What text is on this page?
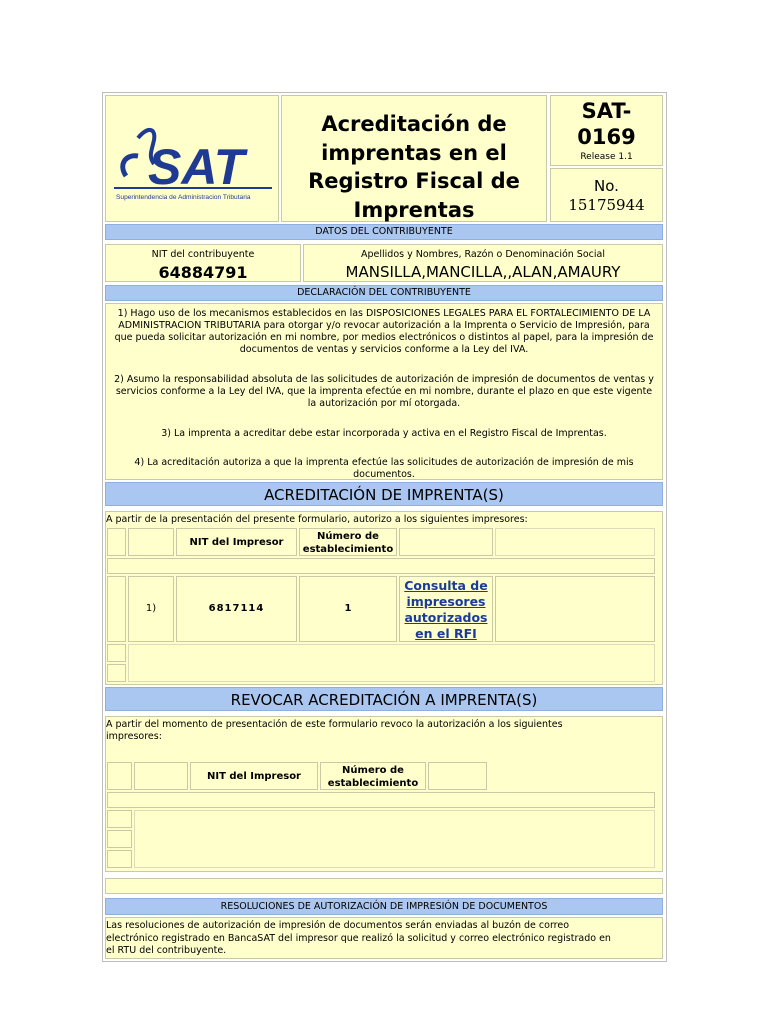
SAT
Superintendencia de Administracion Tributaria
Acreditación de
imprentas en el
Registro Fiscal de
Imprentas
SAT-
0169
Release 1.1
No.
15175944
DATOS DEL CONTRIBUYENTE
NIT del contribuyente
64884791
Apellidos y Nombres, Razón o Denominación Social
MANSILLA,MANCILLA,,ALAN,AMAURY
DECLARACIÓN DEL CONTRIBUYENTE
1) Hago uso de los mecanismos establecidos en las DISPOSICIONES LEGALES PARA EL FORTALECIMIENTO DE LA
ADMINISTRACION TRIBUTARIA para otorgar y/o revocar autorización a la Imprenta o Servicio de Impresión, para
que pueda solicitar autorización en mi nombre, por medios electrónicos o distintos al papel, para la impresión de
documentos de ventas y servicios conforme a la Ley del IVA.
2) Asumo la responsabilidad absoluta de las solicitudes de autorización de impresión de documentos de ventas y
servicios conforme a la Ley del IVA, que la imprenta efectúe en mi nombre, durante el plazo en que este vigente
la autorización por mí otorgada.
3) La imprenta a acreditar debe estar incorporada y activa en el Registro Fiscal de Imprentas.
4) La acreditación autoriza a que la imprenta efectúe las solicitudes de autorización de impresión de mis
documentos.
ACREDITACIÓN DE IMPRENTA(S)
A partir de la presentación del presente formulario, autorizo a los siguientes impresores:
NIT del Impresor
Número de
establecimiento
1)	6817114	1
Consulta de
impresores
autorizados
en el RFI
REVOCAR ACREDITACIÓN A IMPRENTA(S)
A partir del momento de presentación de este formulario revoco la autorización a los siguientes
impresores:
NIT del Impresor
Número de
establecimiento
RESOLUCIONES DE AUTORIZACIÓN DE IMPRESIÓN DE DOCUMENTOS
Las resoluciones de autorización de impresión de documentos serán enviadas al buzón de correo
electrónico registrado en BancaSAT del impresor que realizó la solicitud y correo electrónico registrado en
el RTU del contribuyente.
